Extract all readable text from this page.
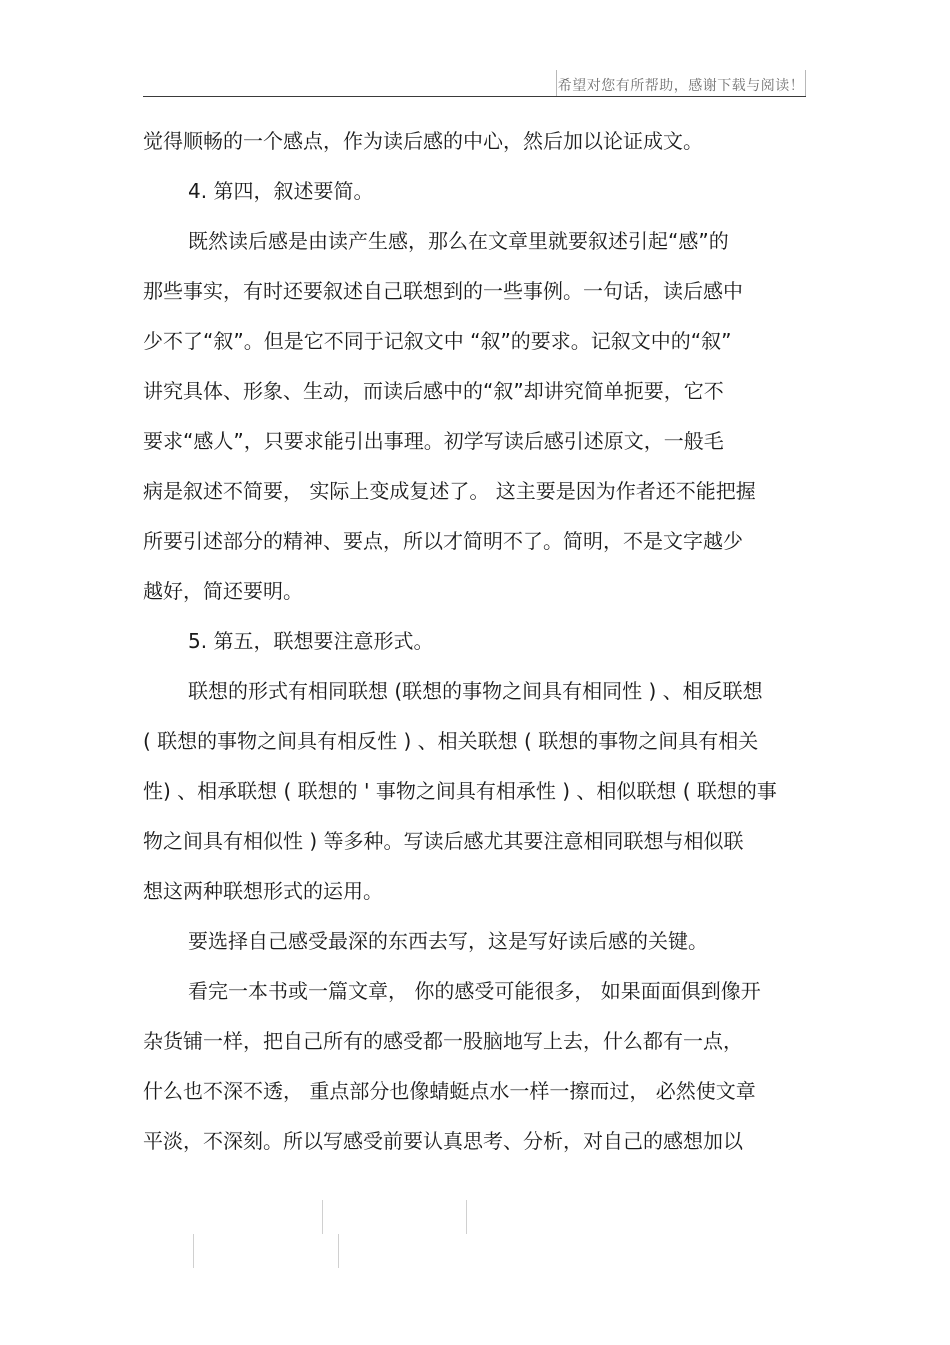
希望对您有所帮助，感谢下载与阅读！
觉得顺畅的一个感点，作为读后感的中心，然后加以论证成文。
4. 第四，叙述要简。
既然读后感是由读产生感，那么在文章里就要叙述引起“感”的
那些事实，有时还要叙述自己联想到的一些事例。一句话，读后感中
少不了“叙”。但是它不同于记叙文中 “叙”的要求。记叙文中的“叙”
讲究具体、形象、生动，而读后感中的“叙”却讲究简单扼要，它不
要求“感人”，只要求能引出事理。初学写读后感引述原文，一般毛
病是叙述不简要， 实际上变成复述了。 这主要是因为作者还不能把握
所要引述部分的精神、要点，所以才简明不了。简明，不是文字越少
越好，简还要明。
5. 第五，联想要注意形式。
联想的形式有相同联想 (联想的事物之间具有相同性 ) 、相反联想
( 联想的事物之间具有相反性 ) 、相关联想 ( 联想的事物之间具有相关
性) 、相承联想 ( 联想的 ' 事物之间具有相承性 ) 、相似联想 ( 联想的事
物之间具有相似性 ) 等多种。写读后感尤其要注意相同联想与相似联
想这两种联想形式的运用。
要选择自己感受最深的东西去写，这是写好读后感的关键。
看完一本书或一篇文章， 你的感受可能很多， 如果面面俱到像开
杂货铺一样，把自己所有的感受都一股脑地写上去，什么都有一点，
什么也不深不透， 重点部分也像蜻蜓点水一样一擦而过， 必然使文章
平淡，不深刻。所以写感受前要认真思考、分析，对自己的感想加以
